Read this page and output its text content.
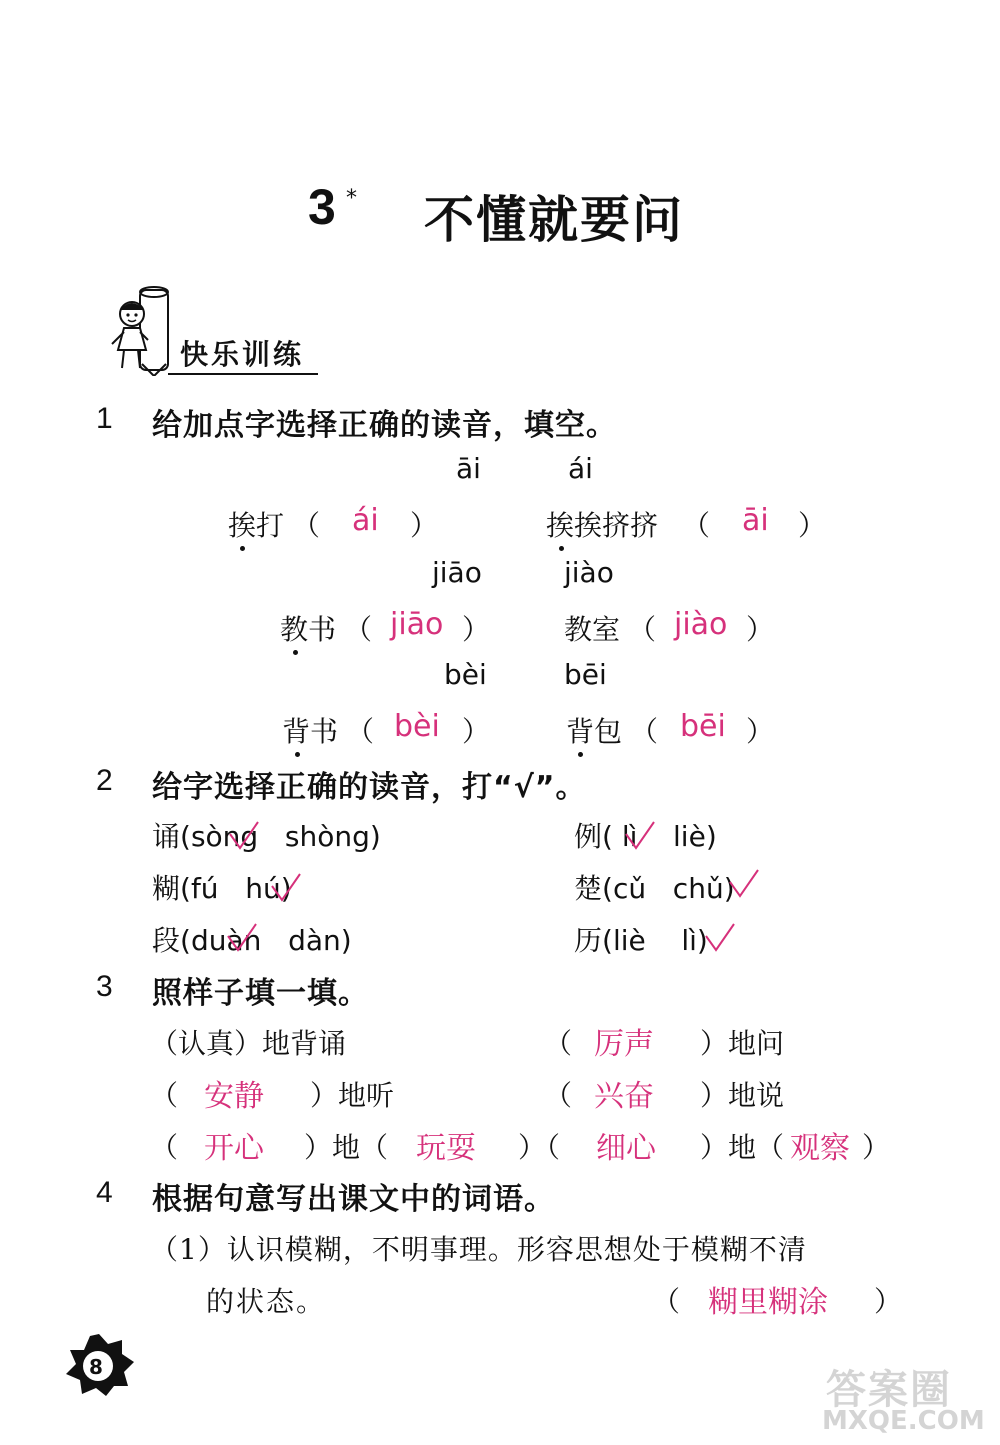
3 * 不懂就要问
快乐训练
1 给加点字选择正确的读音，填空。
āi	ái
挨打 （ ái ）	挨挨挤挤 （ āi ）
jiāo	jiào
教书 （ jiāo ）	教室 （ jiào ）
bèi	bēi
背书 （ bèi ）	背包 （ bēi ）
2 给字选择正确的读音，打“√”。
诵(sòng shòng)	例( lì liè)
糊(fú hú)	楚(cǔ chǔ)
段(duàn dàn)	历(liè lì)
3 照样子填一填。
（认真）地背诵	（ 厉声 ）地问
（ 安静 ）地听	（ 兴奋 ）地说
（ 开心 ）地（ 玩耍 ）（ 细心 ）地（ 观察 ）
4 根据句意写出课文中的词语。
（1）认识模糊，不明事理。形容思想处于模糊不清
的状态。	（ 糊里糊涂 ）
8	答案圈
MXQE.COM
